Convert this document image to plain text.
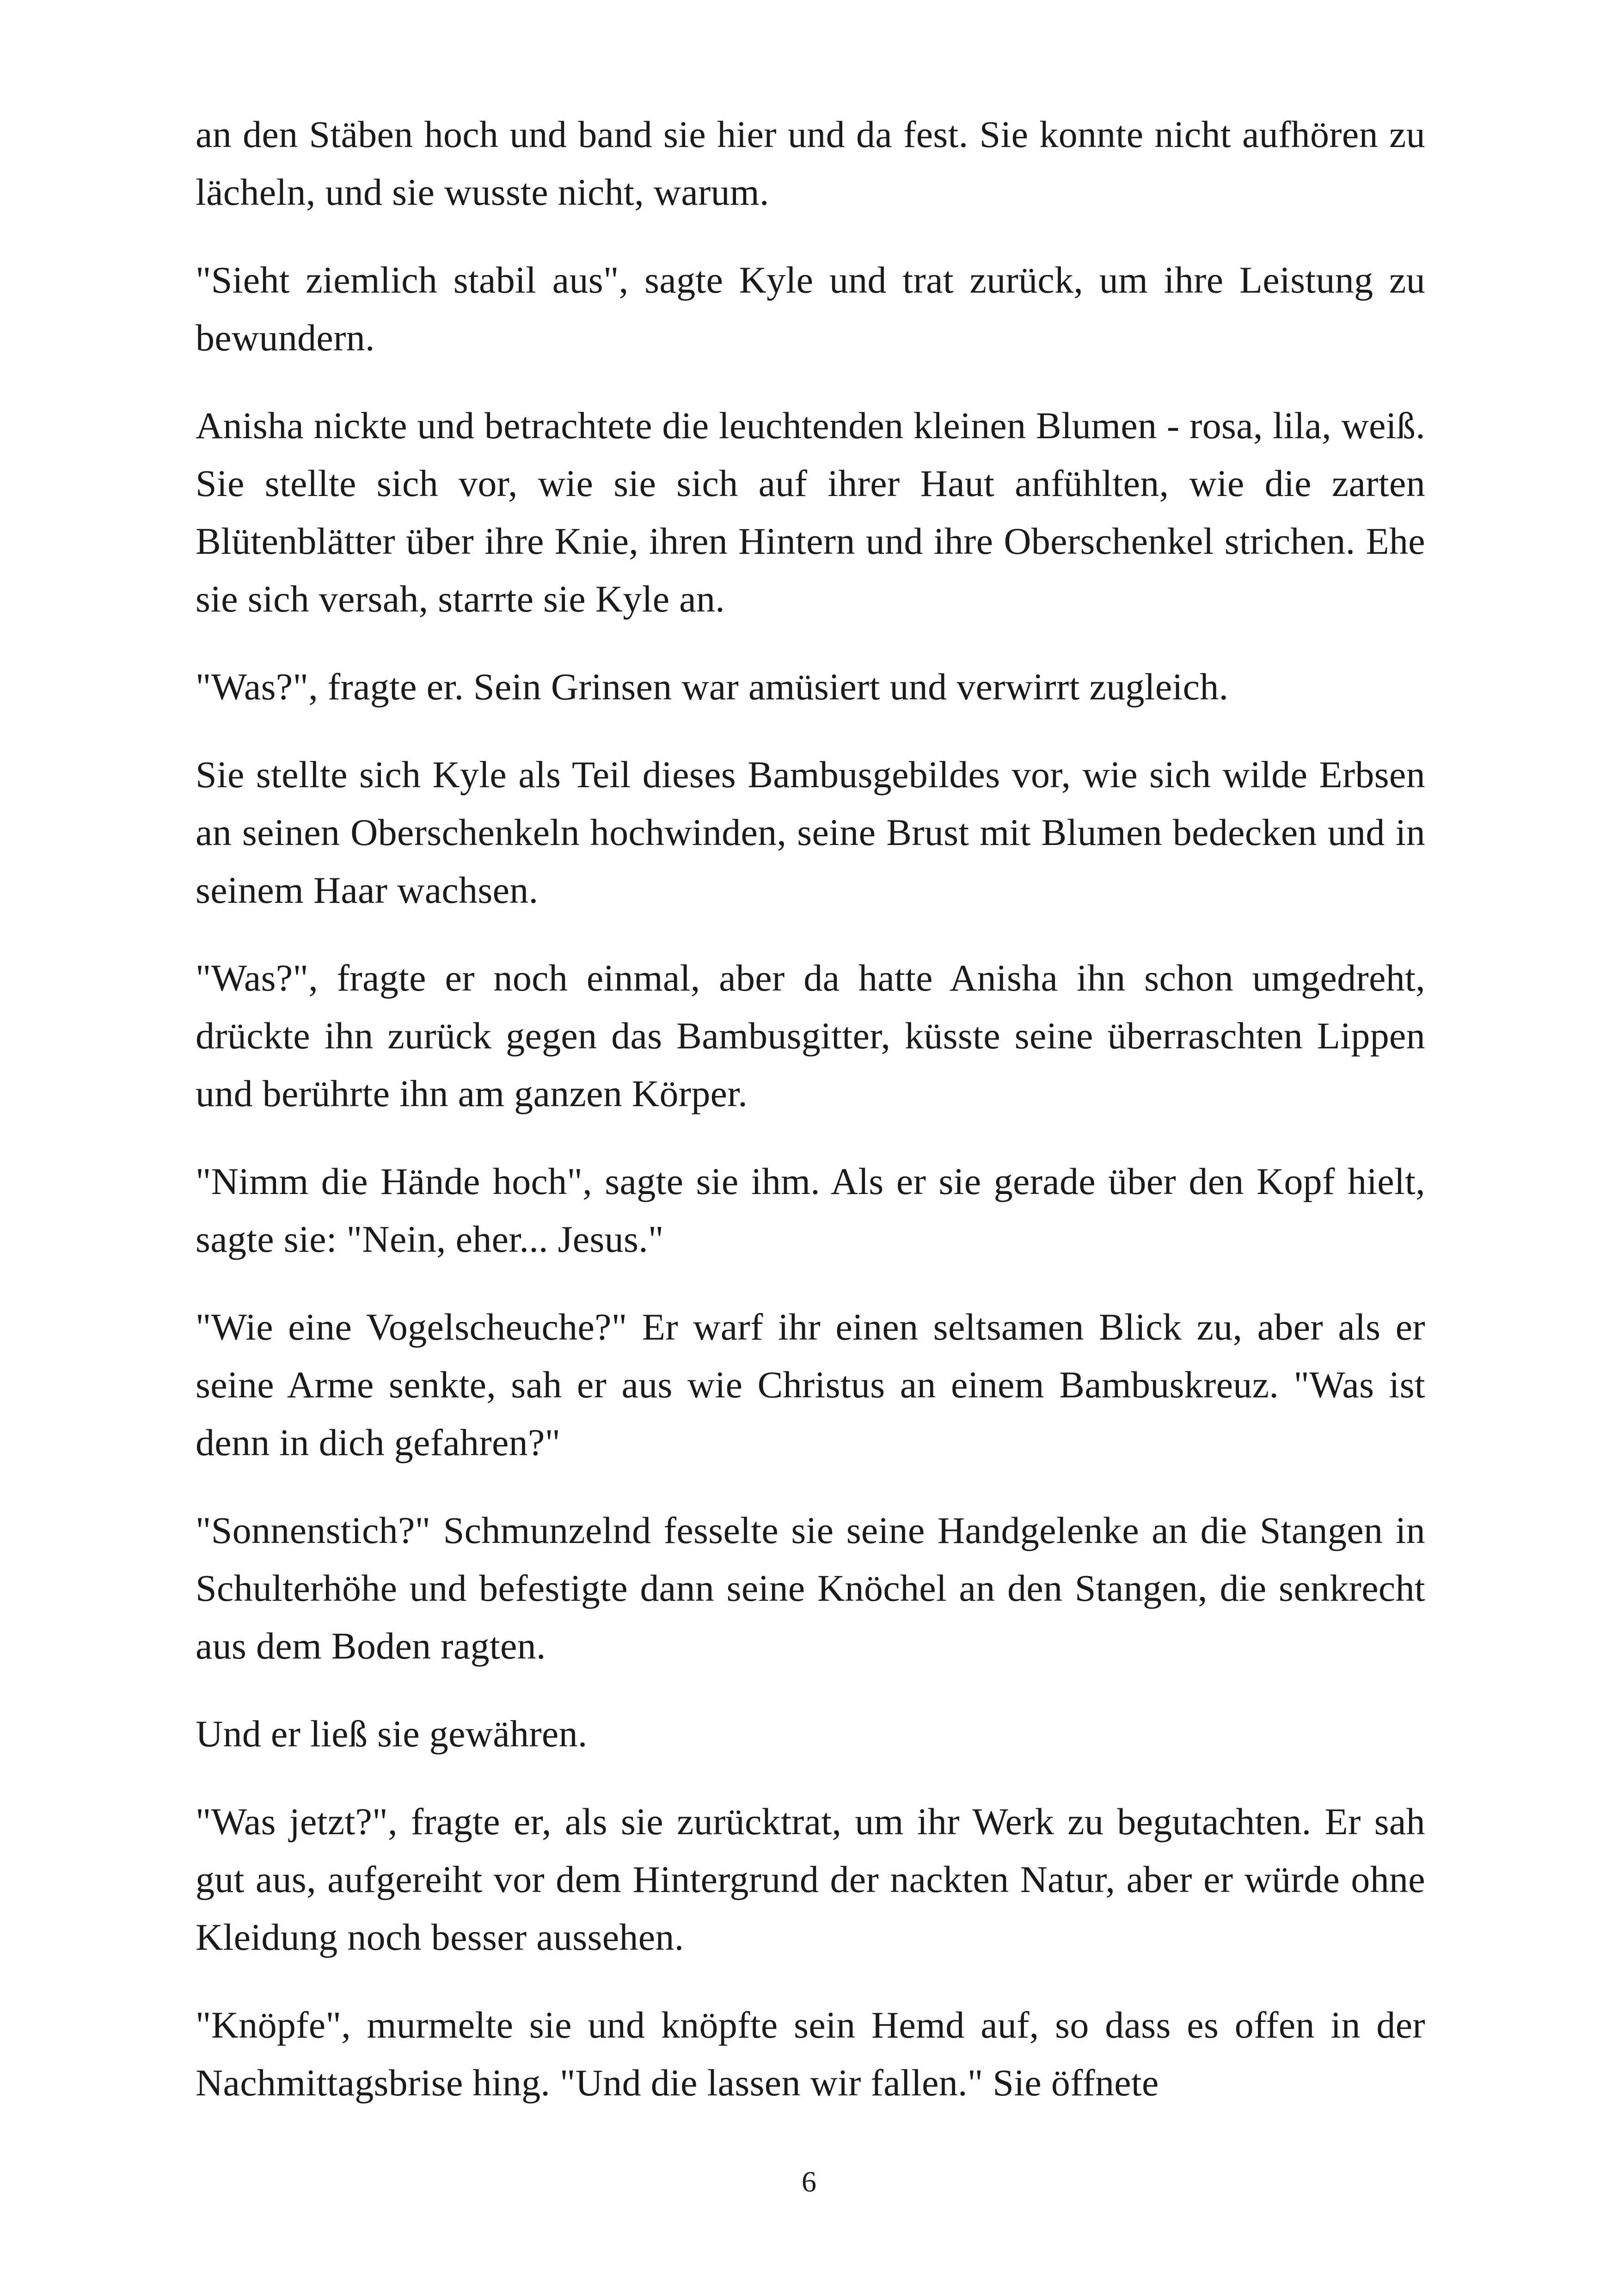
an den Stäben hoch und band sie hier und da fest. Sie konnte nicht aufhören zu lächeln, und sie wusste nicht, warum.

"Sieht ziemlich stabil aus", sagte Kyle und trat zurück, um ihre Leistung zu bewundern.

Anisha nickte und betrachtete die leuchtenden kleinen Blumen - rosa, lila, weiß. Sie stellte sich vor, wie sie sich auf ihrer Haut anfühlten, wie die zarten Blütenblätter über ihre Knie, ihren Hintern und ihre Oberschenkel strichen. Ehe sie sich versah, starrte sie Kyle an.

"Was?", fragte er. Sein Grinsen war amüsiert und verwirrt zugleich.

Sie stellte sich Kyle als Teil dieses Bambusgebildes vor, wie sich wilde Erbsen an seinen Oberschenkeln hochwinden, seine Brust mit Blumen bedecken und in seinem Haar wachsen.

"Was?", fragte er noch einmal, aber da hatte Anisha ihn schon umgedreht, drückte ihn zurück gegen das Bambusgitter, küsste seine überraschten Lippen und berührte ihn am ganzen Körper.

"Nimm die Hände hoch", sagte sie ihm. Als er sie gerade über den Kopf hielt, sagte sie: "Nein, eher... Jesus."

"Wie eine Vogelscheuche?" Er warf ihr einen seltsamen Blick zu, aber als er seine Arme senkte, sah er aus wie Christus an einem Bambuskreuz. "Was ist denn in dich gefahren?"

"Sonnenstich?" Schmunzelnd fesselte sie seine Handgelenke an die Stangen in Schulterhöhe und befestigte dann seine Knöchel an den Stangen, die senkrecht aus dem Boden ragten.

Und er ließ sie gewähren.

"Was jetzt?", fragte er, als sie zurücktrat, um ihr Werk zu begutachten. Er sah gut aus, aufgereiht vor dem Hintergrund der nackten Natur, aber er würde ohne Kleidung noch besser aussehen.

"Knöpfe", murmelte sie und knöpfte sein Hemd auf, so dass es offen in der Nachmittagsbrise hing. "Und die lassen wir fallen." Sie öffnete

6
